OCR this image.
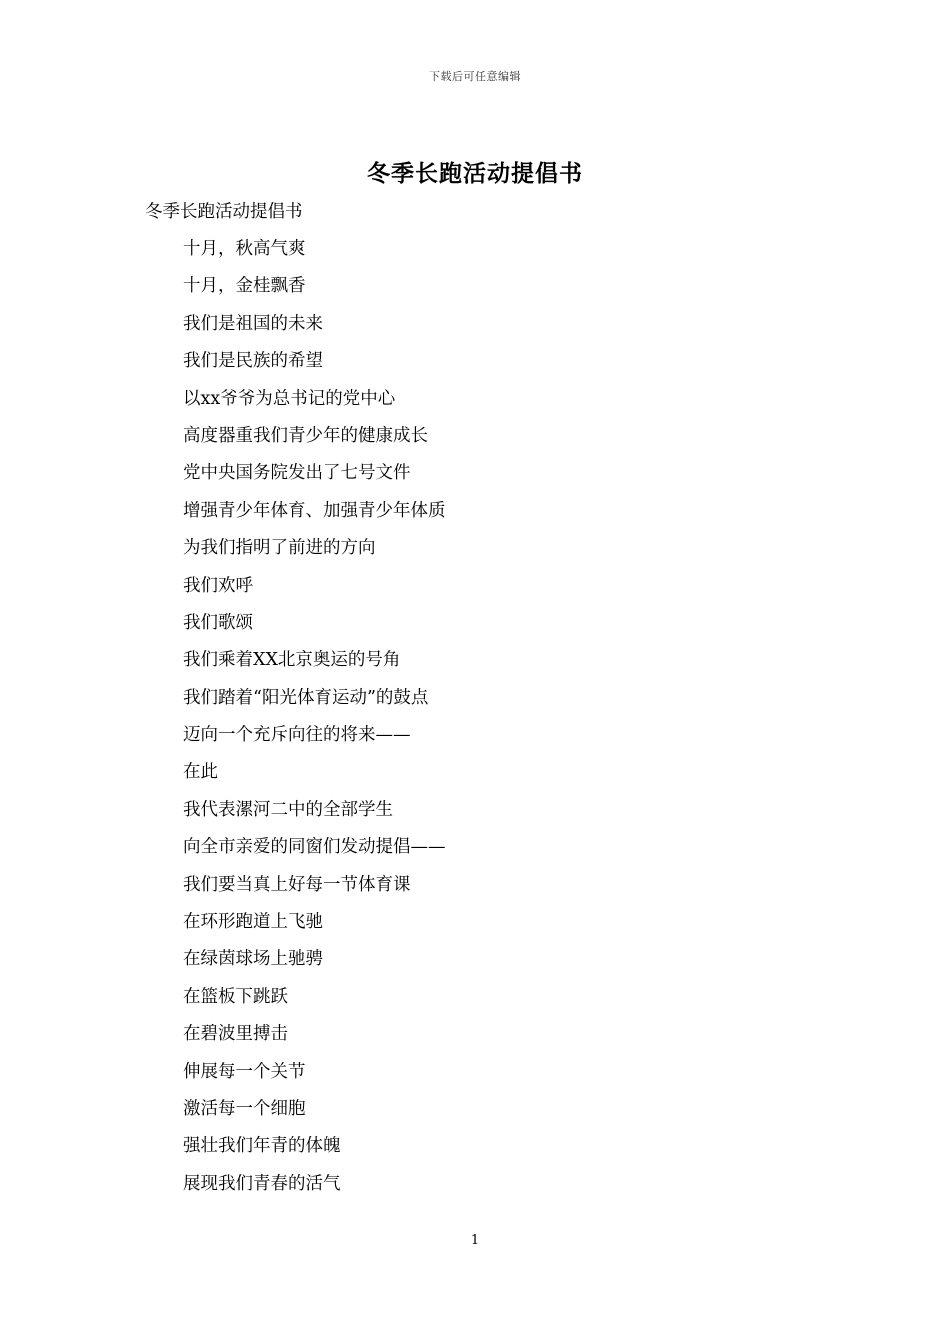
下载后可任意编辑
冬季长跑活动提倡书
冬季长跑活动提倡书
十月，秋高气爽
十月，金桂飘香
我们是祖国的未来
我们是民族的希望
以xx爷爷为总书记的党中心
高度器重我们青少年的健康成长
党中央国务院发出了七号文件
增强青少年体育、加强青少年体质
为我们指明了前进的方向
我们欢呼
我们歌颂
我们乘着XX北京奥运的号角
我们踏着“阳光体育运动”的鼓点
迈向一个充斥向往的将来——
在此
我代表漯河二中的全部学生
向全市亲爱的同窗们发动提倡——
我们要当真上好每一节体育课
在环形跑道上飞驰
在绿茵球场上驰骋
在篮板下跳跃
在碧波里搏击
伸展每一个关节
激活每一个细胞
强壮我们年青的体魄
展现我们青春的活气
1
